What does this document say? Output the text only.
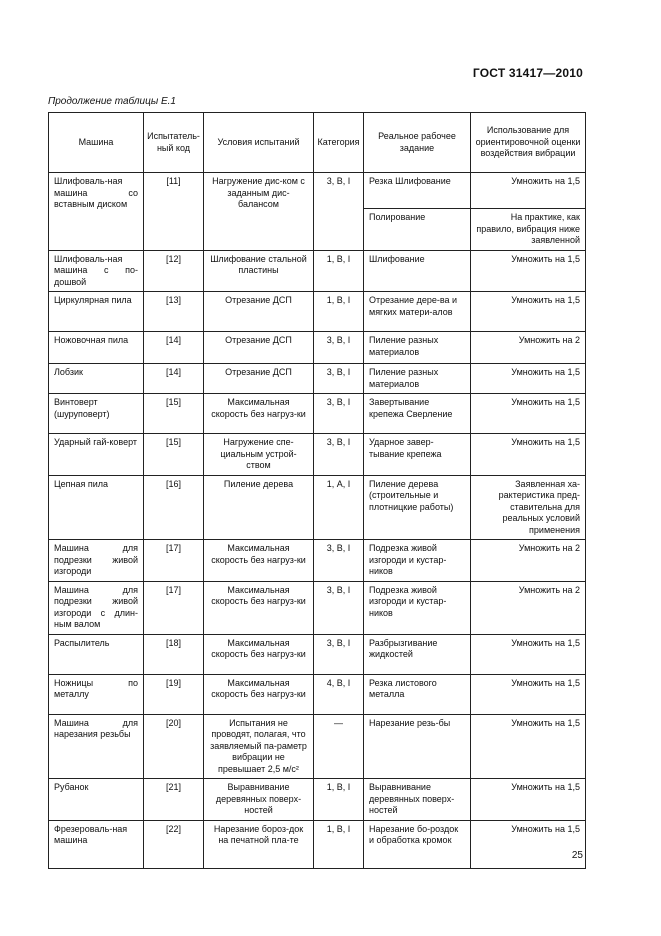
ГОСТ 31417—2010
Продолжение таблицы Е.1
Машина	Испытатель-ный код	Условия испытаний	Категория	Реальное рабочее задание	Использование для ориентировочной оценки воздействия вибрации
Шлифоваль-ная машина со вставным диском	[11]	Нагружение дис-ком с заданным дис-балансом	3, В, I	Резка Шлифование	Умножить на 1,5
				Полирование	На практике, как правило, вибрация ниже заявленной
Шлифоваль-ная машина с по-дошвой	[12]	Шлифование стальной пластины	1, В, I	Шлифование	Умножить на 1,5
Циркулярная пила	[13]	Отрезание ДСП	1, В, I	Отрезание дере-ва и мягких матери-алов	Умножить на 1,5
Ножовочная пила	[14]	Отрезание ДСП	3, В, I	Пиление разных материалов	Умножить на 2
Лобзик	[14]	Отрезание ДСП	3, В, I	Пиление разных материалов	Умножить на 1,5
Винтоверт (шуруповерт)	[15]	Максимальная скорость без нагруз-ки	3, В, I	Завертывание крепежа Сверление	Умножить на 1,5
Ударный гай-коверт	[15]	Нагружение спе-циальным устрой-ством	3, В, I	Ударное завер-тывание крепежа	Умножить на 1,5
Цепная пила	[16]	Пиление дерева	1, А, I	Пиление дерева (строительные и плотницкие работы)	Заявленная ха-рактеристика пред-ставительна для реальных условий применения
Машина для подрезки живой изгороди	[17]	Максимальная скорость без нагруз-ки	3, В, I	Подрезка живой изгороди и кустар-ников	Умножить на 2
Машина для подрезки живой изгороди с длин-ным валом	[17]	Максимальная скорость без нагруз-ки	3, В, I	Подрезка живой изгороди и кустар-ников	Умножить на 2
Распылитель	[18]	Максимальная скорость без нагруз-ки	3, В, I	Разбрызгивание жидкостей	Умножить на 1,5
Ножницы по металлу	[19]	Максимальная скорость без нагруз-ки	4, В, I	Резка листового металла	Умножить на 1,5
Машина для нарезания резьбы	[20]	Испытания не проводят, полагая, что заявляемый па-раметр вибрации не превышает 2,5 м/с²	—	Нарезание резь-бы	Умножить на 1,5
Рубанок	[21]	Выравнивание деревянных поверх-ностей	1, В, I	Выравнивание деревянных поверх-ностей	Умножить на 1,5
Фрезероваль-ная машина	[22]	Нарезание бороз-док на печатной пла-те	1, В, I	Нарезание бо-роздок и обработка кромок	Умножить на 1,5
25
